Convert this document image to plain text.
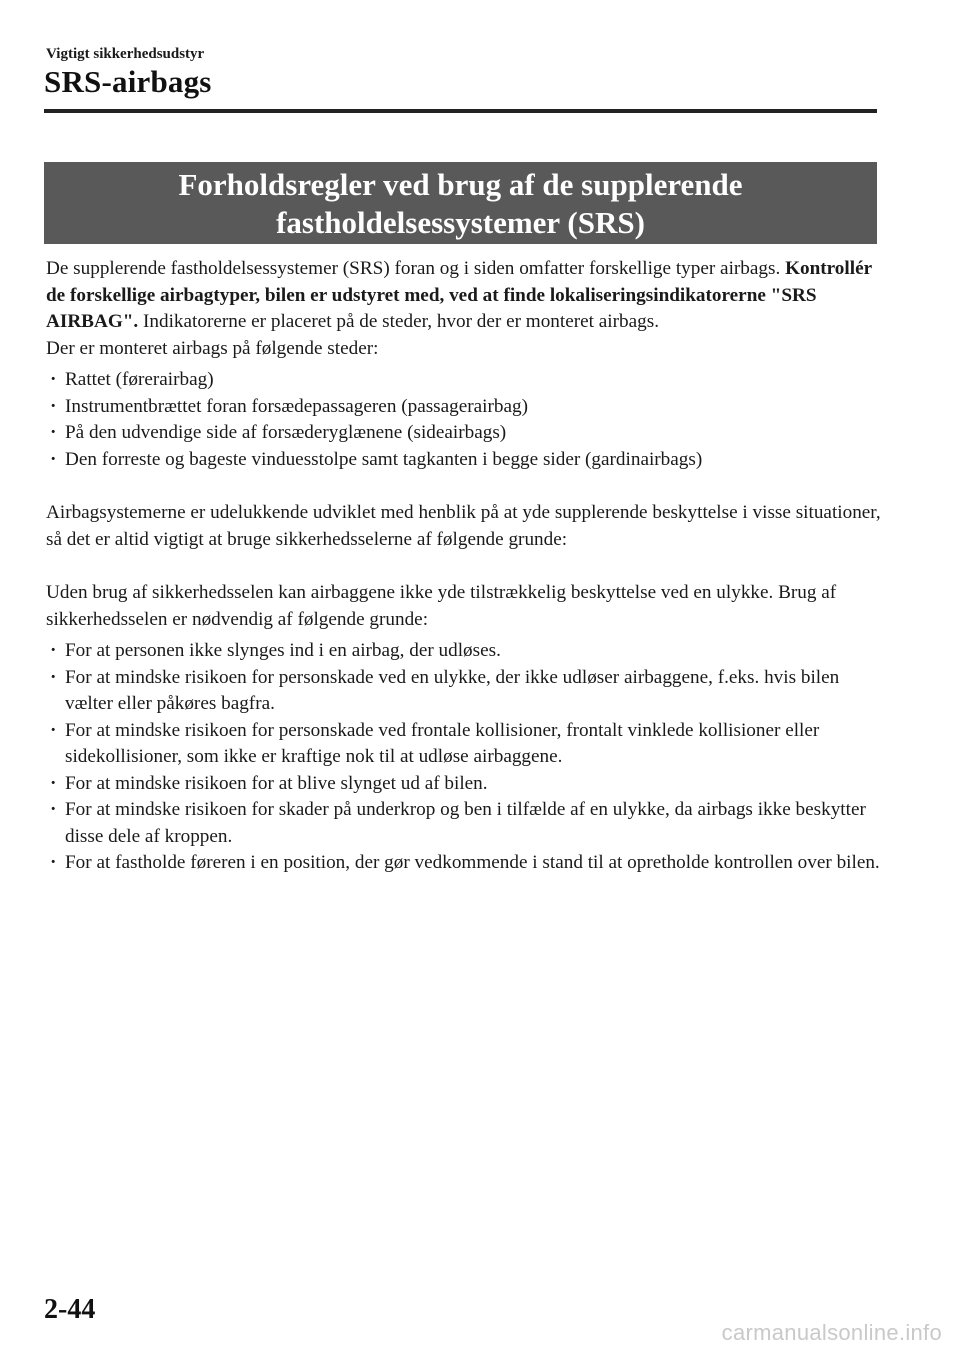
Vigtigt sikkerhedsudstyr
SRS-airbags
Forholdsregler ved brug af de supplerende
fastholdelsessystemer (SRS)

De supplerende fastholdelsessystemer (SRS) foran og i siden omfatter forskellige typer airbags. Kontrollér de forskellige airbagtyper, bilen er udstyret med, ved at finde lokaliseringsindikatorerne "SRS AIRBAG". Indikatorerne er placeret på de steder, hvor der er monteret airbags.

Der er monteret airbags på følgende steder:

· Rattet (førerairbag)
· Instrumentbrættet foran forsædepassageren (passagerairbag)
· På den udvendige side af forsæderyglænene (sideairbags)
· Den forreste og bageste vinduesstolpe samt tagkanten i begge sider (gardinairbags)

Airbagsystemerne er udelukkende udviklet med henblik på at yde supplerende beskyttelse i visse situationer, så det er altid vigtigt at bruge sikkerhedsselerne af følgende grunde:

Uden brug af sikkerhedsselen kan airbaggene ikke yde tilstrækkelig beskyttelse ved en ulykke. Brug af sikkerhedsselen er nødvendig af følgende grunde:

· For at personen ikke slynges ind i en airbag, der udløses.
· For at mindske risikoen for personskade ved en ulykke, der ikke udløser airbaggene, f.eks. hvis bilen vælter eller påkøres bagfra.
· For at mindske risikoen for personskade ved frontale kollisioner, frontalt vinklede kollisioner eller sidekollisioner, som ikke er kraftige nok til at udløse airbaggene.
· For at mindske risikoen for at blive slynget ud af bilen.
· For at mindske risikoen for skader på underkrop og ben i tilfælde af en ulykke, da airbags ikke beskytter disse dele af kroppen.
· For at fastholde føreren i en position, der gør vedkommende i stand til at opretholde kontrollen over bilen.
2-44
carmanualsonline.info
